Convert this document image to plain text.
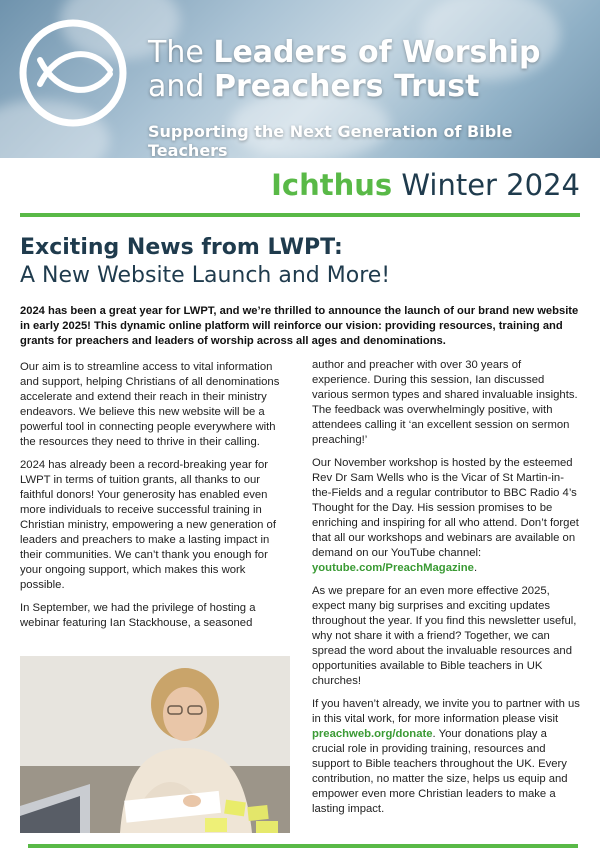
The Leaders of Worship
and Preachers Trust
Supporting the Next Generation of Bible Teachers
Ichthus Winter 2024
Exciting News from LWPT:
A New Website Launch and More!
2024 has been a great year for LWPT, and we’re thrilled to announce the launch of our brand new website in early 2025! This dynamic online platform will reinforce our vision: providing resources, training and grants for preachers and leaders of worship across all ages and denominations.

Our aim is to streamline access to vital information and support, helping Christians of all denominations accelerate and extend their reach in their ministry endeavors. We believe this new website will be a powerful tool in connecting people everywhere with the resources they need to thrive in their calling.

2024 has already been a record-breaking year for LWPT in terms of tuition grants, all thanks to our faithful donors! Your generosity has enabled even more individuals to receive successful training in Christian ministry, empowering a new generation of leaders and preachers to make a lasting impact in their communities. We can’t thank you enough for your ongoing support, which makes this work possible.

In September, we had the privilege of hosting a webinar featuring Ian Stackhouse, a seasoned

author and preacher with over 30 years of experience. During this session, Ian discussed various sermon types and shared invaluable insights. The feedback was overwhelmingly positive, with attendees calling it ‘an excellent session on sermon preaching!’

Our November workshop is hosted by the esteemed Rev Dr Sam Wells who is the Vicar of St Martin-in-the-Fields and a regular contributor to BBC Radio 4’s Thought for the Day. His session promises to be enriching and inspiring for all who attend. Don’t forget that all our workshops and webinars are available on demand on our YouTube channel: youtube.com/PreachMagazine.

As we prepare for an even more effective 2025, expect many big surprises and exciting updates throughout the year. If you find this newsletter useful, why not share it with a friend? Together, we can spread the word about the invaluable resources and opportunities available to Bible teachers in UK churches!

If you haven’t already, we invite you to partner with us in this vital work, for more information please visit preachweb.org/donate. Your donations play a crucial role in providing training, resources and support to Bible teachers throughout the UK. Every contribution, no matter the size, helps us equip and empower even more Christian leaders to make a lasting impact.
